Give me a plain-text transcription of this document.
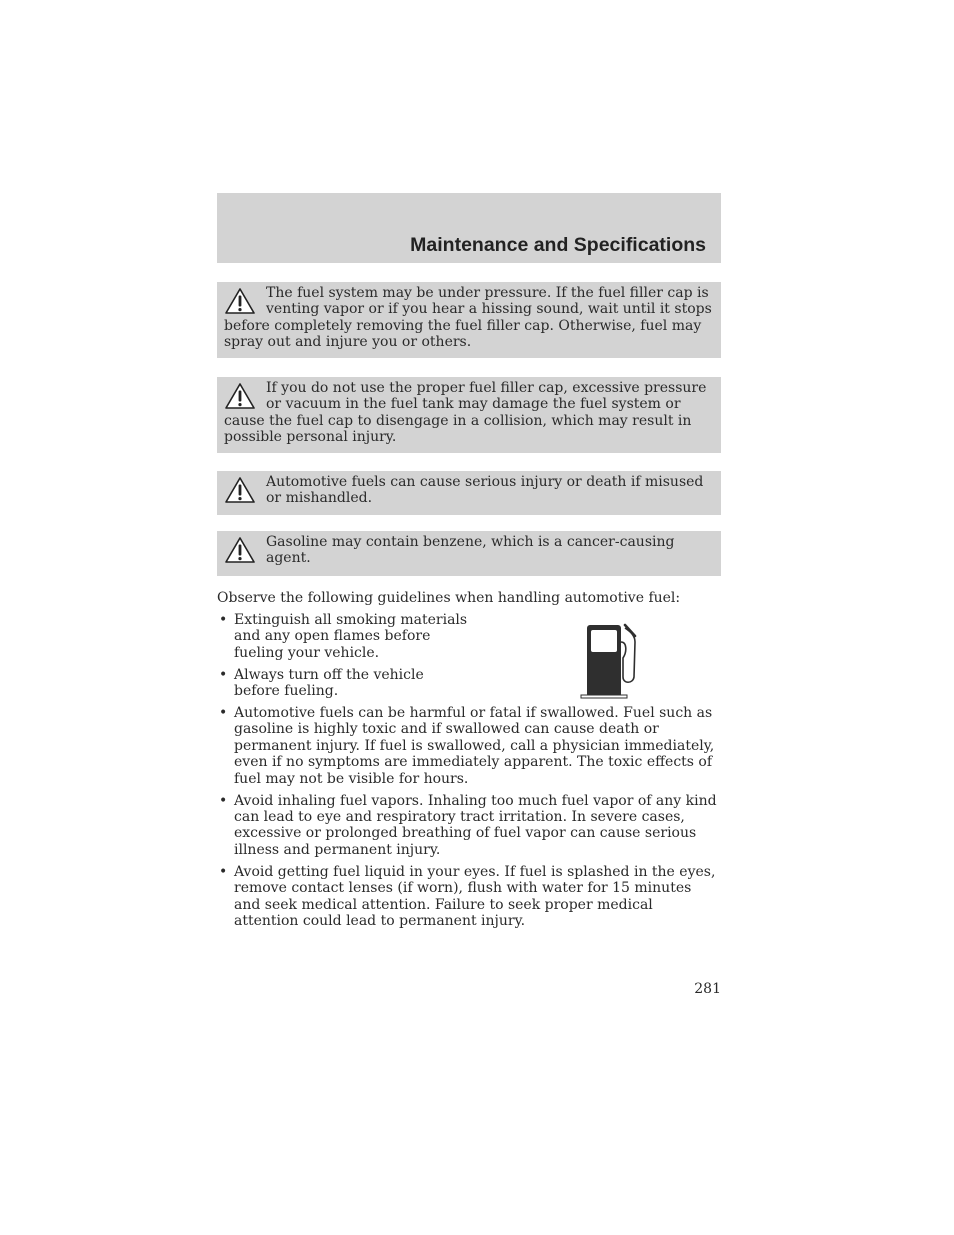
Maintenance and Specifications

The fuel system may be under pressure. If the fuel filler cap is venting vapor or if you hear a hissing sound, wait until it stops before completely removing the fuel filler cap. Otherwise, fuel may spray out and injure you or others.

If you do not use the proper fuel filler cap, excessive pressure or vacuum in the fuel tank may damage the fuel system or cause the fuel cap to disengage in a collision, which may result in possible personal injury.

Automotive fuels can cause serious injury or death if misused or mishandled.

Gasoline may contain benzene, which is a cancer-causing agent.

Observe the following guidelines when handling automotive fuel:

• Extinguish all smoking materials and any open flames before fueling your vehicle.
• Always turn off the vehicle before fueling.
• Automotive fuels can be harmful or fatal if swallowed. Fuel such as gasoline is highly toxic and if swallowed can cause death or permanent injury. If fuel is swallowed, call a physician immediately, even if no symptoms are immediately apparent. The toxic effects of fuel may not be visible for hours.
• Avoid inhaling fuel vapors. Inhaling too much fuel vapor of any kind can lead to eye and respiratory tract irritation. In severe cases, excessive or prolonged breathing of fuel vapor can cause serious illness and permanent injury.
• Avoid getting fuel liquid in your eyes. If fuel is splashed in the eyes, remove contact lenses (if worn), flush with water for 15 minutes and seek medical attention. Failure to seek proper medical attention could lead to permanent injury.

281
